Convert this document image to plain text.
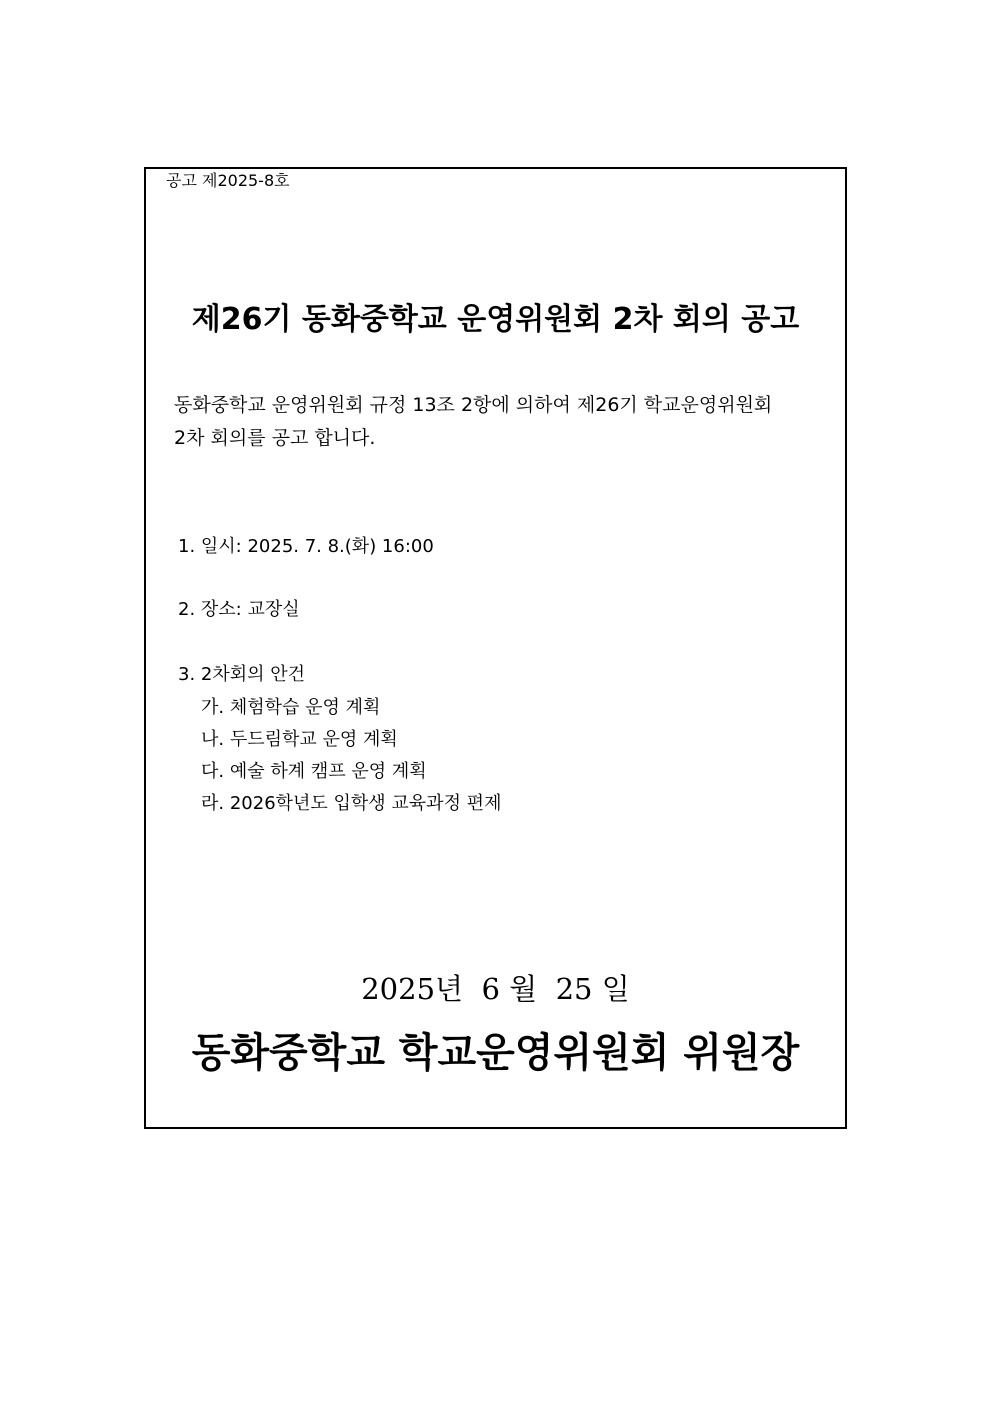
공고 제2025-8호
제26기 동화중학교 운영위원회 2차 회의 공고

동화중학교 운영위원회 규정 13조 2항에 의하여 제26기 학교운영위원회

2차 회의를 공고 합니다.

1. 일시: 2025. 7. 8.(화) 16:00
2. 장소: 교장실
3. 2차회의 안건
가. 체험학습 운영 계획
나. 두드림학교 운영 계획
다. 예술 하계 캠프 운영 계획
라. 2026학년도 입학생 교육과정 편제
2025년  6 월  25 일
동화중학교 학교운영위원회 위원장
